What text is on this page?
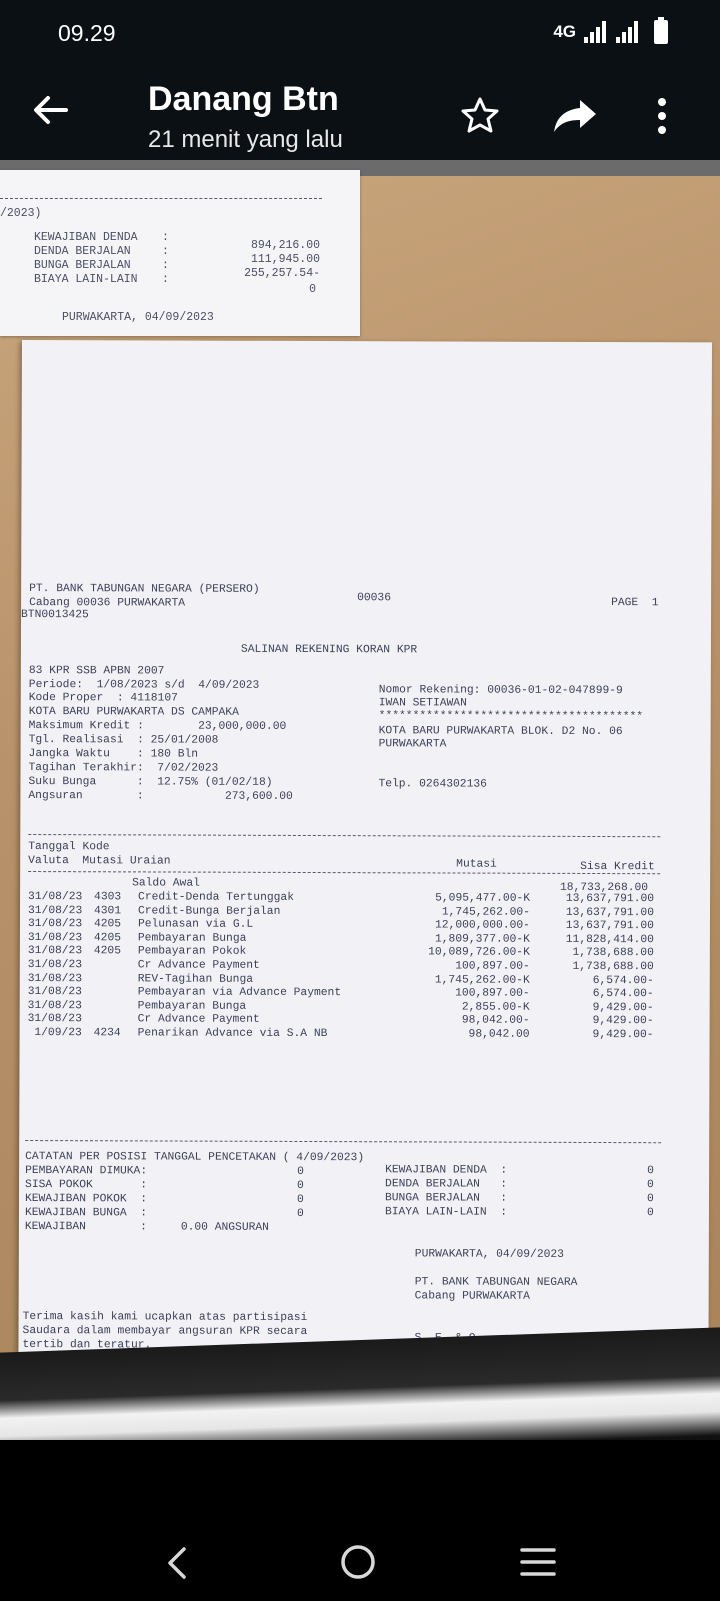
09.29	4G
Danang Btn
21 menit yang lalu
/2023)
KEWAJIBAN DENDA :
894,216.00
DENDA BERJALAN	:
111,945.00
BUNGA BERJALAN	:
255,257.54-
BIAYA LAIN-LAIN :
0
PURWAKARTA, 04/09/2023
PT. BANK TABUNGAN NEGARA (PERSERO)
Cabang 00036 PURWAKARTA
BTN0013425
00036	PAGE  1
SALINAN REKENING KORAN KPR
83 KPR SSB APBN 2007
Periode:  1/08/2023 s/d  4/09/2023
Kode Proper  : 4118107
KOTA BARU PURWAKARTA DS CAMPAKA
Maksimum Kredit :        23,000,000.00
Tgl. Realisasi  : 25/01/2008
Jangka Waktu    : 180 Bln
Tagihan Terakhir:  7/02/2023
Suku Bunga      :  12.75% (01/02/18)
Angsuran        :            273,600.00
Nomor Rekening: 00036-01-02-047899-9
IWAN SETIAWAN
***************************************
KOTA BARU PURWAKARTA BLOK. D2 No. 06
PURWAKARTA
Telp. 0264302136
Tanggal Kode
Valuta  Mutasi Uraian	Mutasi	Sisa Kredit
Saldo Awal	18,733,268.00
31/08/23 4303 Credit-Denda Tertunggak	5,095,477.00-K	13,637,791.00
31/08/23 4301 Credit-Bunga Berjalan	1,745,262.00-	13,637,791.00
31/08/23 4205 Pelunasan via G.L	12,000,000.00-	13,637,791.00
31/08/23 4205 Pembayaran Bunga	1,809,377.00-K	11,828,414.00
31/08/23 4205 Pembayaran Pokok	10,089,726.00-K	1,738,688.00
31/08/23	Cr Advance Payment	100,897.00-	1,738,688.00
31/08/23	REV-Tagihan Bunga	1,745,262.00-K	6,574.00-
31/08/23	Pembayaran via Advance Payment	100,897.00-	6,574.00-
31/08/23	Pembayaran Bunga	2,855.00-K	9,429.00-
31/08/23	Cr Advance Payment	98,042.00-	9,429.00-
1/09/23 4234 Penarikan Advance via S.A NB	98,042.00	9,429.00-
CATATAN PER POSISI TANGGAL PENCETAKAN ( 4/09/2023)
PEMBAYARAN DIMUKA:	0
SISA POKOK       :	0
KEWAJIBAN POKOK  :	0
KEWAJIBAN BUNGA  :	0
KEWAJIBAN        :     0.00 ANGSURAN
KEWAJIBAN DENDA  :	0
DENDA BERJALAN   :	0
BUNGA BERJALAN   :	0
BIAYA LAIN-LAIN  :	0
PURWAKARTA, 04/09/2023
PT. BANK TABUNGAN NEGARA
Cabang PURWAKARTA
Terima kasih kami ucapkan atas partisipasi
Saudara dalam membayar angsuran KPR secara
tertib dan teratur.
